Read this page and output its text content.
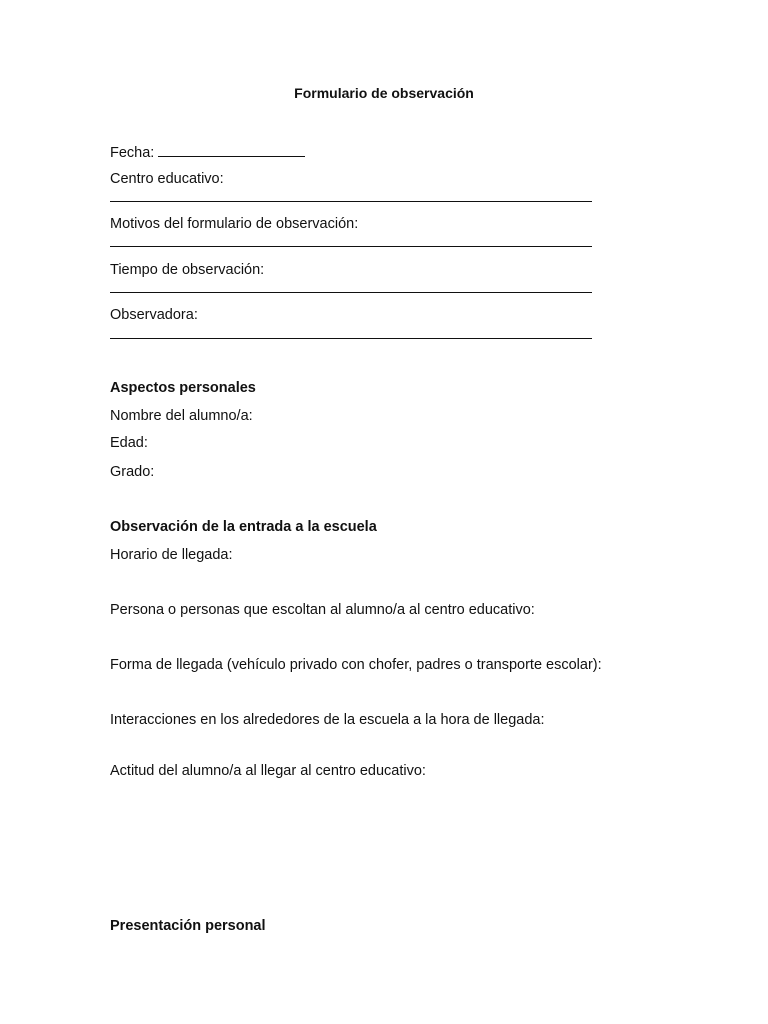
Formulario de observación
Fecha:
Centro educativo:
Motivos del formulario de observación:
Tiempo de observación:
Observadora:
Aspectos personales
Nombre del alumno/a:
Edad:
Grado:
Observación de la entrada a la escuela
Horario de llegada:
Persona o personas que escoltan al alumno/a al centro educativo:
Forma de llegada (vehículo privado con chofer, padres o transporte escolar):
Interacciones en los alrededores de la escuela a la hora de llegada:
Actitud del alumno/a al llegar al centro educativo:
Presentación personal
